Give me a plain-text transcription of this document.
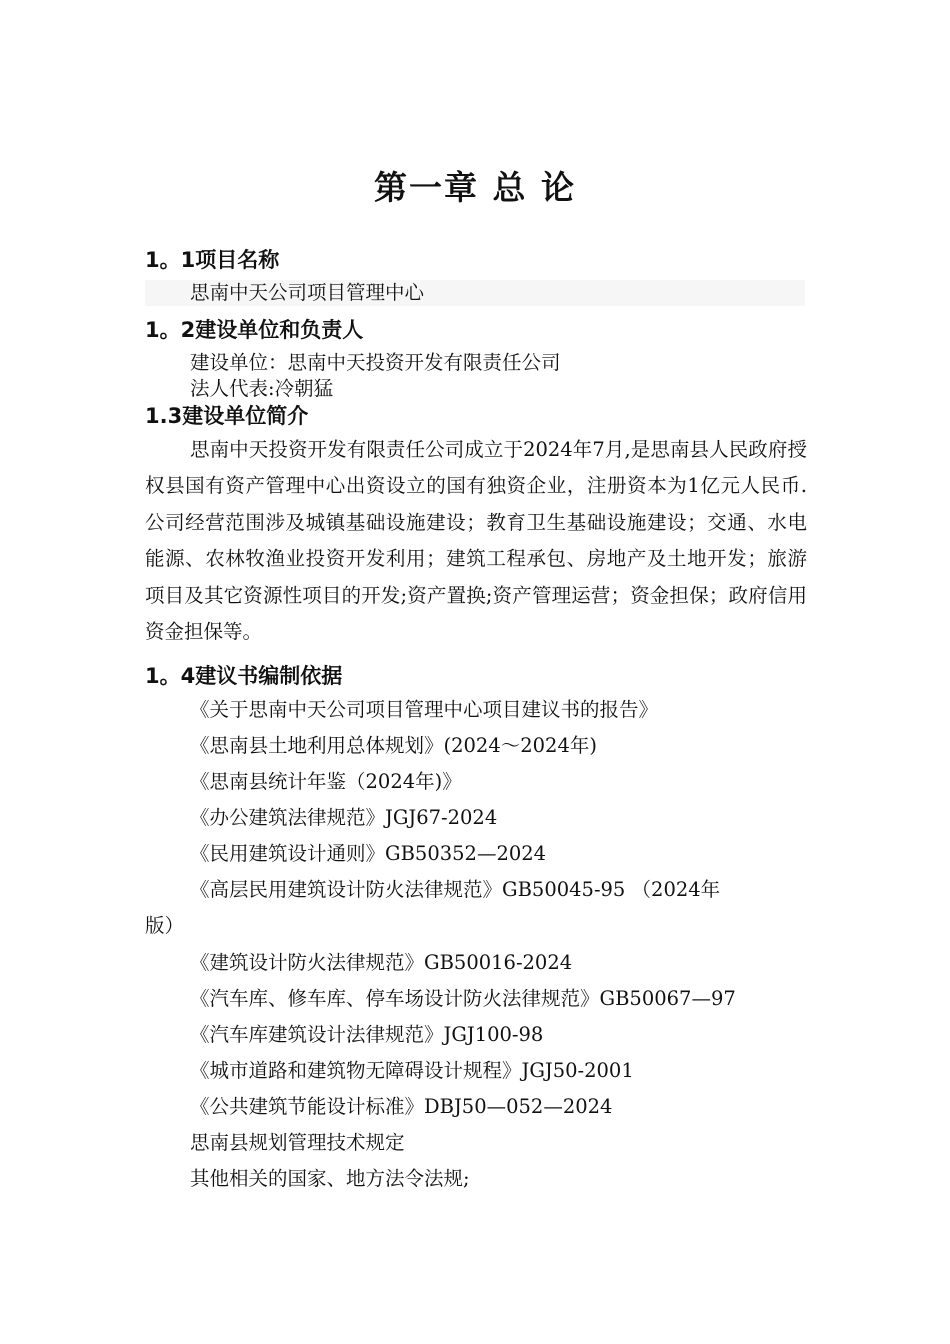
第一章 总 论
1。1项目名称
思南中天公司项目管理中心
1。2建设单位和负责人
建设单位：思南中天投资开发有限责任公司
法人代表:冷朝猛
1.3建设单位简介
思南中天投资开发有限责任公司成立于2024年7月,是思南县人民政府授权县国有资产管理中心出资设立的国有独资企业，注册资本为1亿元人民币.公司经营范围涉及城镇基础设施建设；教育卫生基础设施建设；交通、水电能源、农林牧渔业投资开发利用；建筑工程承包、房地产及土地开发；旅游项目及其它资源性项目的开发;资产置换;资产管理运营；资金担保；政府信用资金担保等。
1。4建议书编制依据
《关于思南中天公司项目管理中心项目建议书的报告》
《思南县土地利用总体规划》(2024～2024年)
《思南县统计年鉴（2024年)》
《办公建筑法律规范》JGJ67-2024
《民用建筑设计通则》GB50352—2024
《高层民用建筑设计防火法律规范》GB50045-95 （2024年
版）
《建筑设计防火法律规范》GB50016-2024
《汽车库、修车库、停车场设计防火法律规范》GB50067—97
《汽车库建筑设计法律规范》JGJ100-98
《城市道路和建筑物无障碍设计规程》JGJ50-2001
《公共建筑节能设计标准》DBJ50—052—2024
思南县规划管理技术规定
其他相关的国家、地方法令法规;
